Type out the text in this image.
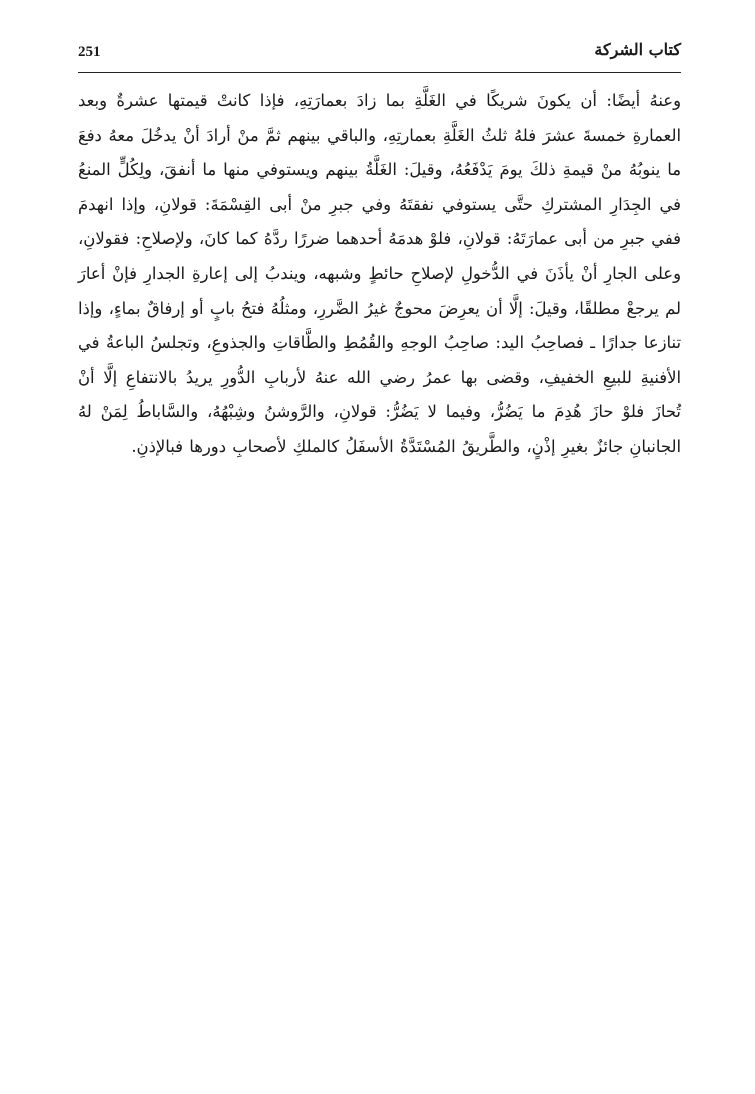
251	كتاب الشركة

وعنهُ أيضًا: أن يكونَ شريكًا في الغَلَّةِ بما زادَ بعمارَتِهِ، فإذا كانتْ قيمتها عشرةٌ وبعد العمارةِ خمسةَ عشرَ فلهُ ثلثُ الغَلَّةِ بعمارتِهِ، والباقي بينهم ثمَّ منْ أرادَ أنْ يدخُلَ معهُ دفعَ ما ينوبُهُ منْ قيمةِ ذلكَ يومَ يَدْفَعُهُ، وقيلَ: الغَلَّةُ بينهم ويستوفي منها ما أنفقَ، ولِكُلٍّ المنعُ في الجِدَارِ المشتركِ حتَّى يستوفي نفقتَهُ وفي جبرِ منْ أبى القِسْمَةَ: قولانِ، وإذا انهدمَ ففي جبرِ من أبى عمارَتَهُ: قولانِ، فلوْ هدمَهُ أحدهما ضررًا ردَّهُ كما كانَ، ولإصلاحِ: فقولانِ، وعلى الجارِ أنْ يأذَنَ في الدُّخولِ لإصلاحِ حائطٍ وشبهه، ويندبُ إلى إعارةِ الجدارِ فإنْ أعارَ لم يرجعْ مطلقًا، وقيلَ: إلَّا أن يعرِضَ محوجٌ غيرُ الضَّررِ، ومثلُهُ فتحُ بابٍ أو إرفاقٌ بماءٍ، وإذا تنازعا جدارًا ـ فصاحِبُ اليد: صاحِبُ الوجهِ والقُمُطِ والطَّاقاتِ والجذوعِ، وتجلسُ الباعةُ في الأفنيةِ للبيعِ الخفيفِ، وقضى بها عمرُ رضي الله عنهُ لأربابِ الدُّورِ يريدُ بالانتفاعِ إلَّا أنْ تُحازَ فلوْ حازَ هُدِمَ ما يَضُرُّ، وفيما لا يَضُرُّ: قولانِ، والرَّوشنُ وشِبْهُهُ، والسَّاباطُ لِمَنْ لهُ الجانبانِ جائزٌ بغيرِ إذْنٍ، والطَّريقُ المُسْتَدَّةُ الأسفَلُ كالملكِ لأصحابِ دورها فبالإذنِ.
